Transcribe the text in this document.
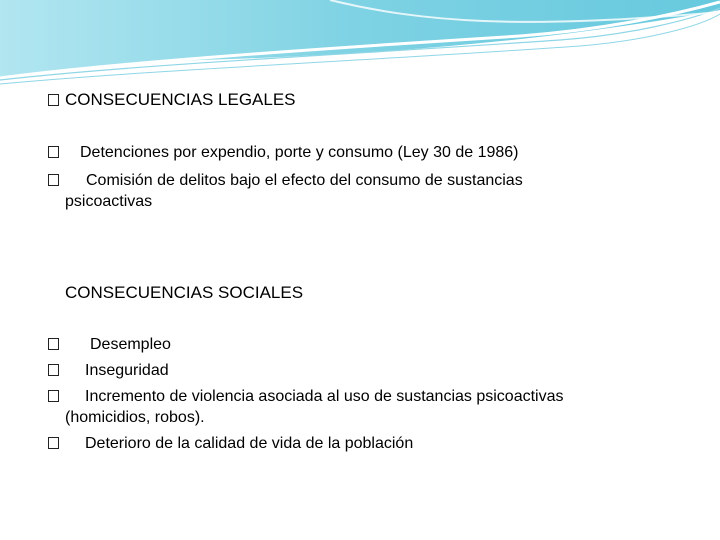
CONSECUENCIAS LEGALES
Detenciones por expendio, porte y consumo (Ley 30 de 1986)
Comisión de delitos bajo el efecto del consumo de sustancias
psicoactivas
CONSECUENCIAS SOCIALES
Desempleo
Inseguridad
Incremento de violencia asociada al uso de sustancias psicoactivas
(homicidios, robos).
Deterioro de la calidad de vida de la población
